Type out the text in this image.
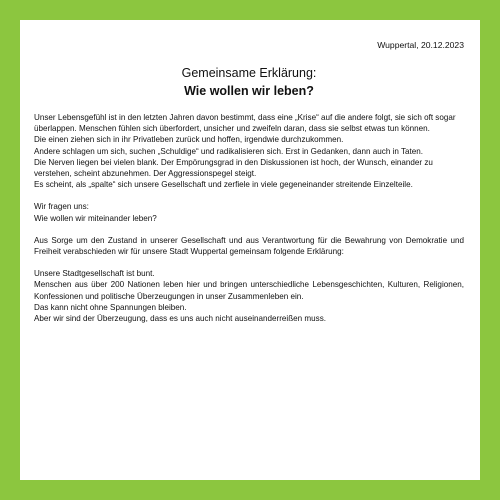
Wuppertal, 20.12.2023
Gemeinsame Erklärung:
Wie wollen wir leben?

Unser Lebensgefühl ist in den letzten Jahren davon bestimmt, dass eine „Krise“ auf die andere folgt, sie sich oft sogar überlappen. Menschen fühlen sich überfordert, unsicher und zweifeln daran, dass sie selbst etwas tun können.

Die einen ziehen sich in ihr Privatleben zurück und hoffen, irgendwie durchzukommen.

Andere schlagen um sich, suchen „Schuldige“ und radikalisieren sich. Erst in Gedanken, dann auch in Taten.

Die Nerven liegen bei vielen blank. Der Empörungsgrad in den Diskussionen ist hoch, der Wunsch, einander zu verstehen, scheint abzunehmen. Der Aggressionspegel steigt.

Es scheint, als „spalte“ sich unsere Gesellschaft und zerfiele in viele gegeneinander streitende Einzelteile.

Wir fragen uns:

Wie wollen wir miteinander leben?

Aus Sorge um den Zustand in unserer Gesellschaft und aus Verantwortung für die Bewahrung von Demokratie und Freiheit verabschieden wir für unsere Stadt Wuppertal gemeinsam folgende Erklärung:

Unsere Stadtgesellschaft ist bunt.

Menschen aus über 200 Nationen leben hier und bringen unterschiedliche Lebensgeschichten, Kulturen, Religionen, Konfessionen und politische Überzeugungen in unser Zusammenleben ein.

Das kann nicht ohne Spannungen bleiben.

Aber wir sind der Überzeugung, dass es uns auch nicht auseinanderreißen muss.
